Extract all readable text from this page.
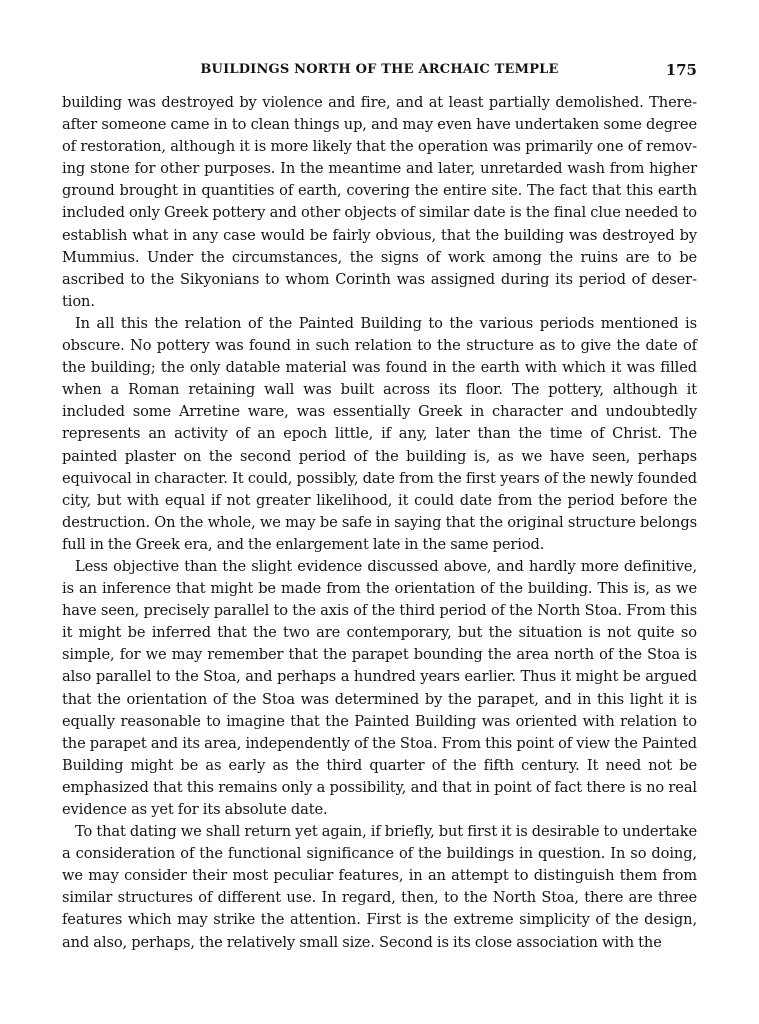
BUILDINGS NORTH OF THE ARCHAIC TEMPLE	175

building was destroyed by violence and fire, and at least partially demolished. Thereafter someone came in to clean things up, and may even have undertaken some degree of restoration, although it is more likely that the operation was primarily one of removing stone for other purposes. In the meantime and later, unretarded wash from higher ground brought in quantities of earth, covering the entire site. The fact that this earth included only Greek pottery and other objects of similar date is the final clue needed to establish what in any case would be fairly obvious, that the building was destroyed by Mummius. Under the circumstances, the signs of work among the ruins are to be ascribed to the Sikyonians to whom Corinth was assigned during its period of desertion.

In all this the relation of the Painted Building to the various periods mentioned is obscure. No pottery was found in such relation to the structure as to give the date of the building; the only datable material was found in the earth with which it was filled when a Roman retaining wall was built across its floor. The pottery, although it included some Arretine ware, was essentially Greek in character and undoubtedly represents an activity of an epoch little, if any, later than the time of Christ. The painted plaster on the second period of the building is, as we have seen, perhaps equivocal in character. It could, possibly, date from the first years of the newly founded city, but with equal if not greater likelihood, it could date from the period before the destruction. On the whole, we may be safe in saying that the original structure belongs full in the Greek era, and the enlargement late in the same period.

Less objective than the slight evidence discussed above, and hardly more definitive, is an inference that might be made from the orientation of the building. This is, as we have seen, precisely parallel to the axis of the third period of the North Stoa. From this it might be inferred that the two are contemporary, but the situation is not quite so simple, for we may remember that the parapet bounding the area north of the Stoa is also parallel to the Stoa, and perhaps a hundred years earlier. Thus it might be argued that the orientation of the Stoa was determined by the parapet, and in this light it is equally reasonable to imagine that the Painted Building was oriented with relation to the parapet and its area, independently of the Stoa. From this point of view the Painted Building might be as early as the third quarter of the fifth century. It need not be emphasized that this remains only a possibility, and that in point of fact there is no real evidence as yet for its absolute date.

To that dating we shall return yet again, if briefly, but first it is desirable to undertake a consideration of the functional significance of the buildings in question. In so doing, we may consider their most peculiar features, in an attempt to distinguish them from similar structures of different use. In regard, then, to the North Stoa, there are three features which may strike the attention. First is the extreme simplicity of the design, and also, perhaps, the relatively small size. Second is its close association with the
